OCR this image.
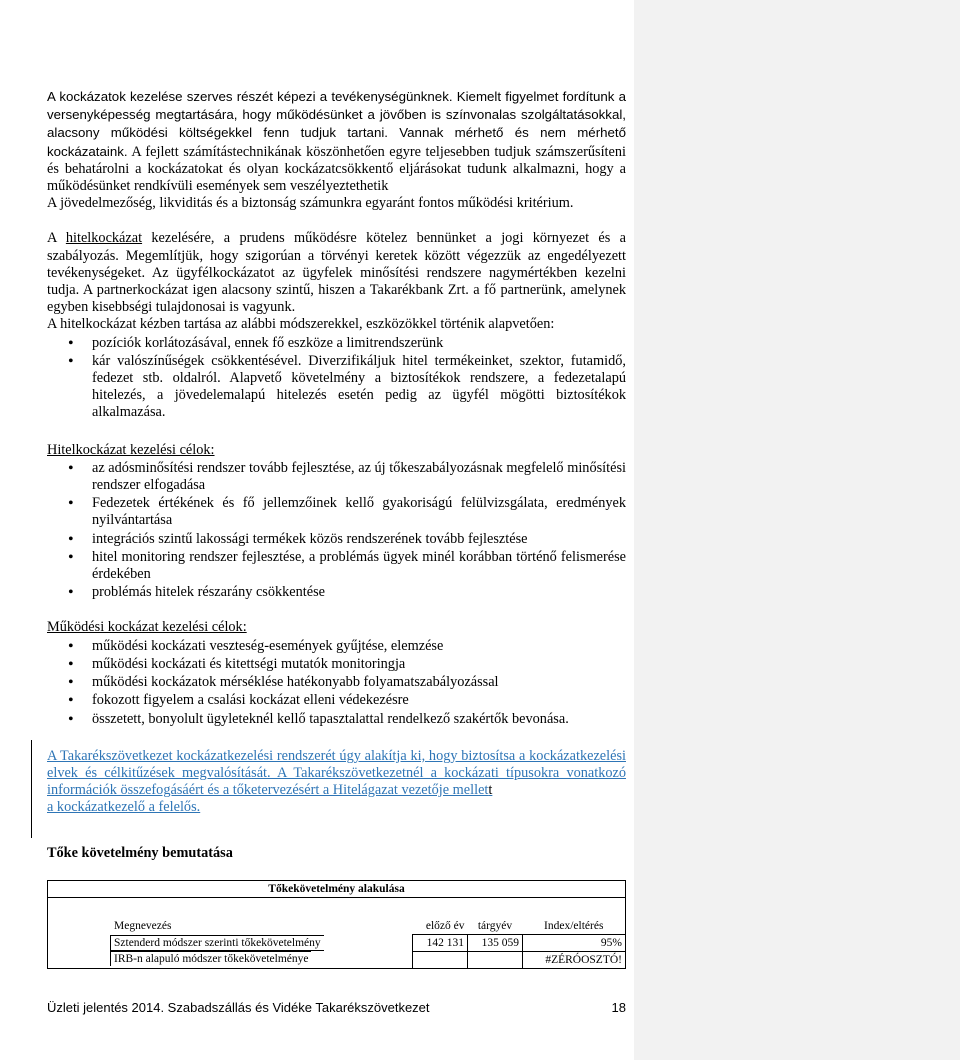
A kockázatok kezelése szerves részét képezi a tevékenységünknek. Kiemelt figyelmet fordítunk a versenyképesség megtartására, hogy működésünket a jövőben is színvonalas szolgáltatásokkal, alacsony működési költségekkel fenn tudjuk tartani. Vannak mérhető és nem mérhető kockázataink. A fejlett számítástechnikának köszönhetően egyre teljesebben tudjuk számszerűsíteni és behatárolni a kockázatokat és olyan kockázatcsökkentő eljárásokat tudunk alkalmazni, hogy a működésünket rendkívüli események sem veszélyeztethetik

A jövedelmezőség, likviditás és a biztonság számunkra egyaránt fontos működési kritérium.

A hitelkockázat kezelésére, a prudens működésre kötelez bennünket a jogi környezet és a szabályozás. Megemlítjük, hogy szigorúan a törvényi keretek között végezzük az engedélyezett tevékenységeket. Az ügyfélkockázatot az ügyfelek minősítési rendszere nagymértékben kezelni tudja. A partnerkockázat igen alacsony szintű, hiszen a Takarékbank Zrt. a fő partnerünk, amelynek egyben kisebbségi tulajdonosai is vagyunk.

A hitelkockázat kézben tartása az alábbi módszerekkel, eszközökkel történik alapvetően:

• pozíciók korlátozásával, ennek fő eszköze a limitrendszerünk
• kár valószínűségek csökkentésével. Diverzifikáljuk hitel termékeinket, szektor, futamidő, fedezet stb. oldalról. Alapvető követelmény a biztosítékok rendszere, a fedezetalapú hitelezés, a jövedelemalapú hitelezés esetén pedig az ügyfél mögötti biztosítékok alkalmazása.

Hitelkockázat kezelési célok:

• az adósminősítési rendszer tovább fejlesztése, az új tőkeszabályozásnak megfelelő minősítési rendszer elfogadása
• Fedezetek értékének és fő jellemzőinek kellő gyakoriságú felülvizsgálata, eredmények nyilvántartása
• integrációs szintű lakossági termékek közös rendszerének tovább fejlesztése
• hitel monitoring rendszer fejlesztése, a problémás ügyek minél korábban történő felismerése érdekében
• problémás hitelek részarány csökkentése

Működési kockázat kezelési célok:

• működési kockázati veszteség-események gyűjtése, elemzése
• működési kockázati és kitettségi mutatók monitoringja
• működési kockázatok mérséklése hatékonyabb folyamatszabályozással
• fokozott figyelem a csalási kockázat elleni védekezésre
• összetett, bonyolult ügyleteknél kellő tapasztalattal rendelkező szakértők bevonása.

A Takarékszövetkezet kockázatkezelési rendszerét úgy alakítja ki, hogy biztosítsa a kockázatkezelési elvek és célkitűzések megvalósítását. A Takarékszövetkezetnél a kockázati típusokra vonatkozó információk összefogásáért és a tőketervezésért a Hitelágazat vezetője mellett
a kockázatkezelő a felelős.

Tőke követelmény bemutatása

Tőkekövetelmény alakulása			

Megnevezés	előző év	tárgyév	Index/eltérés
Sztenderd módszer szerinti tőkekövetelmény	142 131	135 059	95%
IRB-n alapuló módszer tőkekövetelménye			#ZÉRÓOSZTÓ!
Üzleti jelentés 2014. Szabadszállás és Vidéke Takarékszövetkezet	18
